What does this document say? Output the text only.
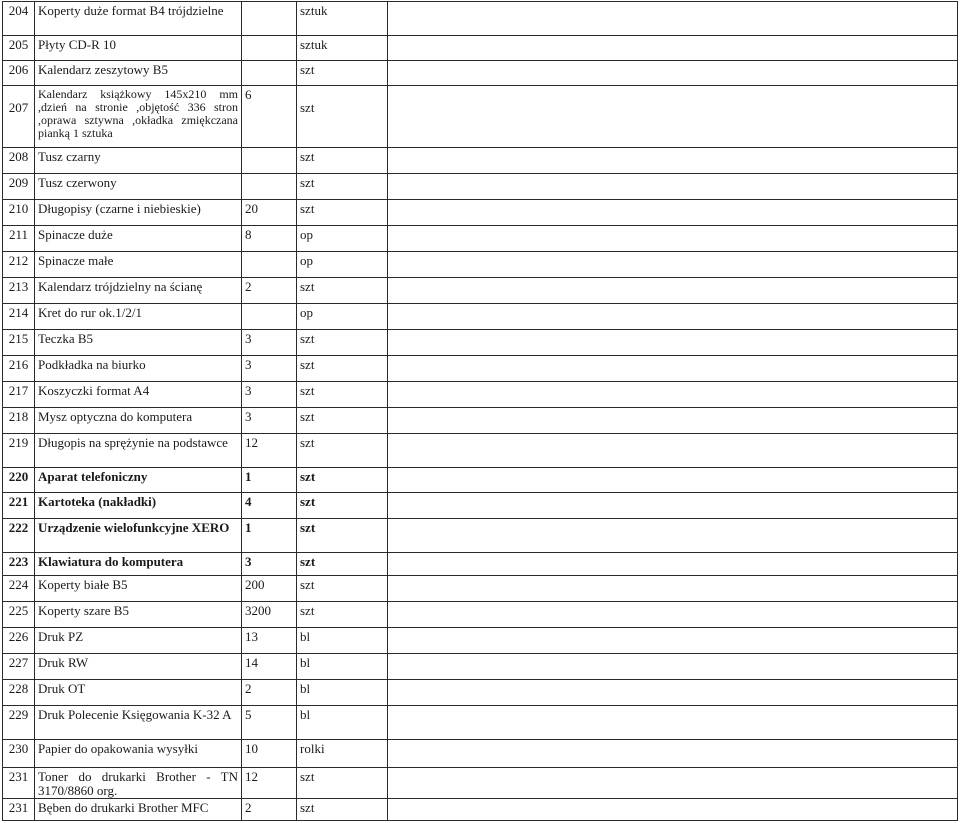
204	Koperty duże format B4 trójdzielne		sztuk	
205	Płyty CD-R 10		sztuk	
206	Kalendarz zeszytowy B5		szt	
207	Kalendarz książkowy 145x210 mm ,dzień na stronie ,objętość 336 stron ,oprawa sztywna ,okładka zmiękczana pianką 1 sztuka	6	szt	
208	Tusz czarny		szt	
209	Tusz czerwony		szt	
210	Długopisy (czarne i niebieskie)	20	szt	
211	Spinacze duże	8	op	
212	Spinacze małe		op	
213	Kalendarz trójdzielny na ścianę	2	szt	
214	Kret do rur ok.1/2/1		op	
215	Teczka B5	3	szt	
216	Podkładka na biurko	3	szt	
217	Koszyczki format A4	3	szt	
218	Mysz optyczna do komputera	3	szt	
219	Długopis na sprężynie na podstawce	12	szt	
220	Aparat telefoniczny	1	szt	
221	Kartoteka (nakładki)	4	szt	
222	Urządzenie wielofunkcyjne XERO	1	szt	
223	Klawiatura do komputera	3	szt	
224	Koperty białe B5	200	szt	
225	Koperty szare B5	3200	szt	
226	Druk PZ	13	bl	
227	Druk RW	14	bl	
228	Druk OT	2	bl	
229	Druk Polecenie Księgowania K-32 A	5	bl	
230	Papier do opakowania wysyłki	10	rolki	
231	Toner do drukarki Brother - TN 3170/8860 org.	12	szt	
231	Bęben do drukarki Brother MFC	2	szt	
